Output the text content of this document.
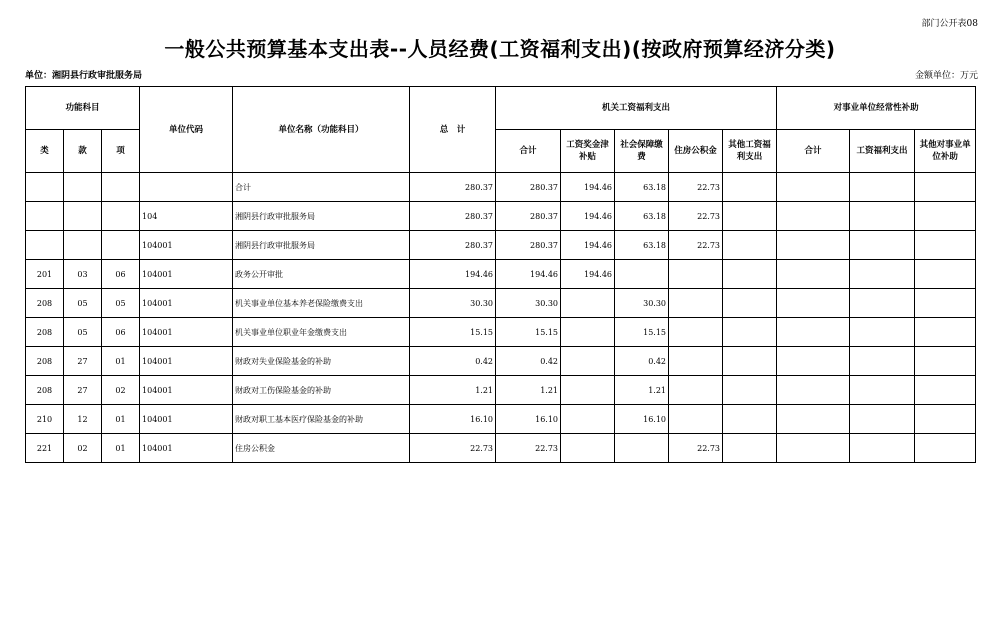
部门公开表08
一般公共预算基本支出表--人员经费(工资福利支出)(按政府预算经济分类)
单位：湘阴县行政审批服务局	金额单位：万元
功能科目			单位代码	单位名称（功能科目）	总　计	机关工资福利支出					对事业单位经常性补助		
类	款	项				合计	工资奖金津补贴	社会保障缴费	住房公积金	其他工资福利支出	合计	工资福利支出	其他对事业单位补助
				合计	280.37	280.37	194.46	63.18	22.73				
			104	湘阴县行政审批服务局	280.37	280.37	194.46	63.18	22.73				
			104001	湘阴县行政审批服务局	280.37	280.37	194.46	63.18	22.73				
201	03	06	104001	政务公开审批	194.46	194.46	194.46						
208	05	05	104001	机关事业单位基本养老保险缴费支出	30.30	30.30		30.30					
208	05	06	104001	机关事业单位职业年金缴费支出	15.15	15.15		15.15					
208	27	01	104001	财政对失业保险基金的补助	0.42	0.42		0.42					
208	27	02	104001	财政对工伤保险基金的补助	1.21	1.21		1.21					
210	12	01	104001	财政对职工基本医疗保险基金的补助	16.10	16.10		16.10					
221	02	01	104001	住房公积金	22.73	22.73			22.73				
